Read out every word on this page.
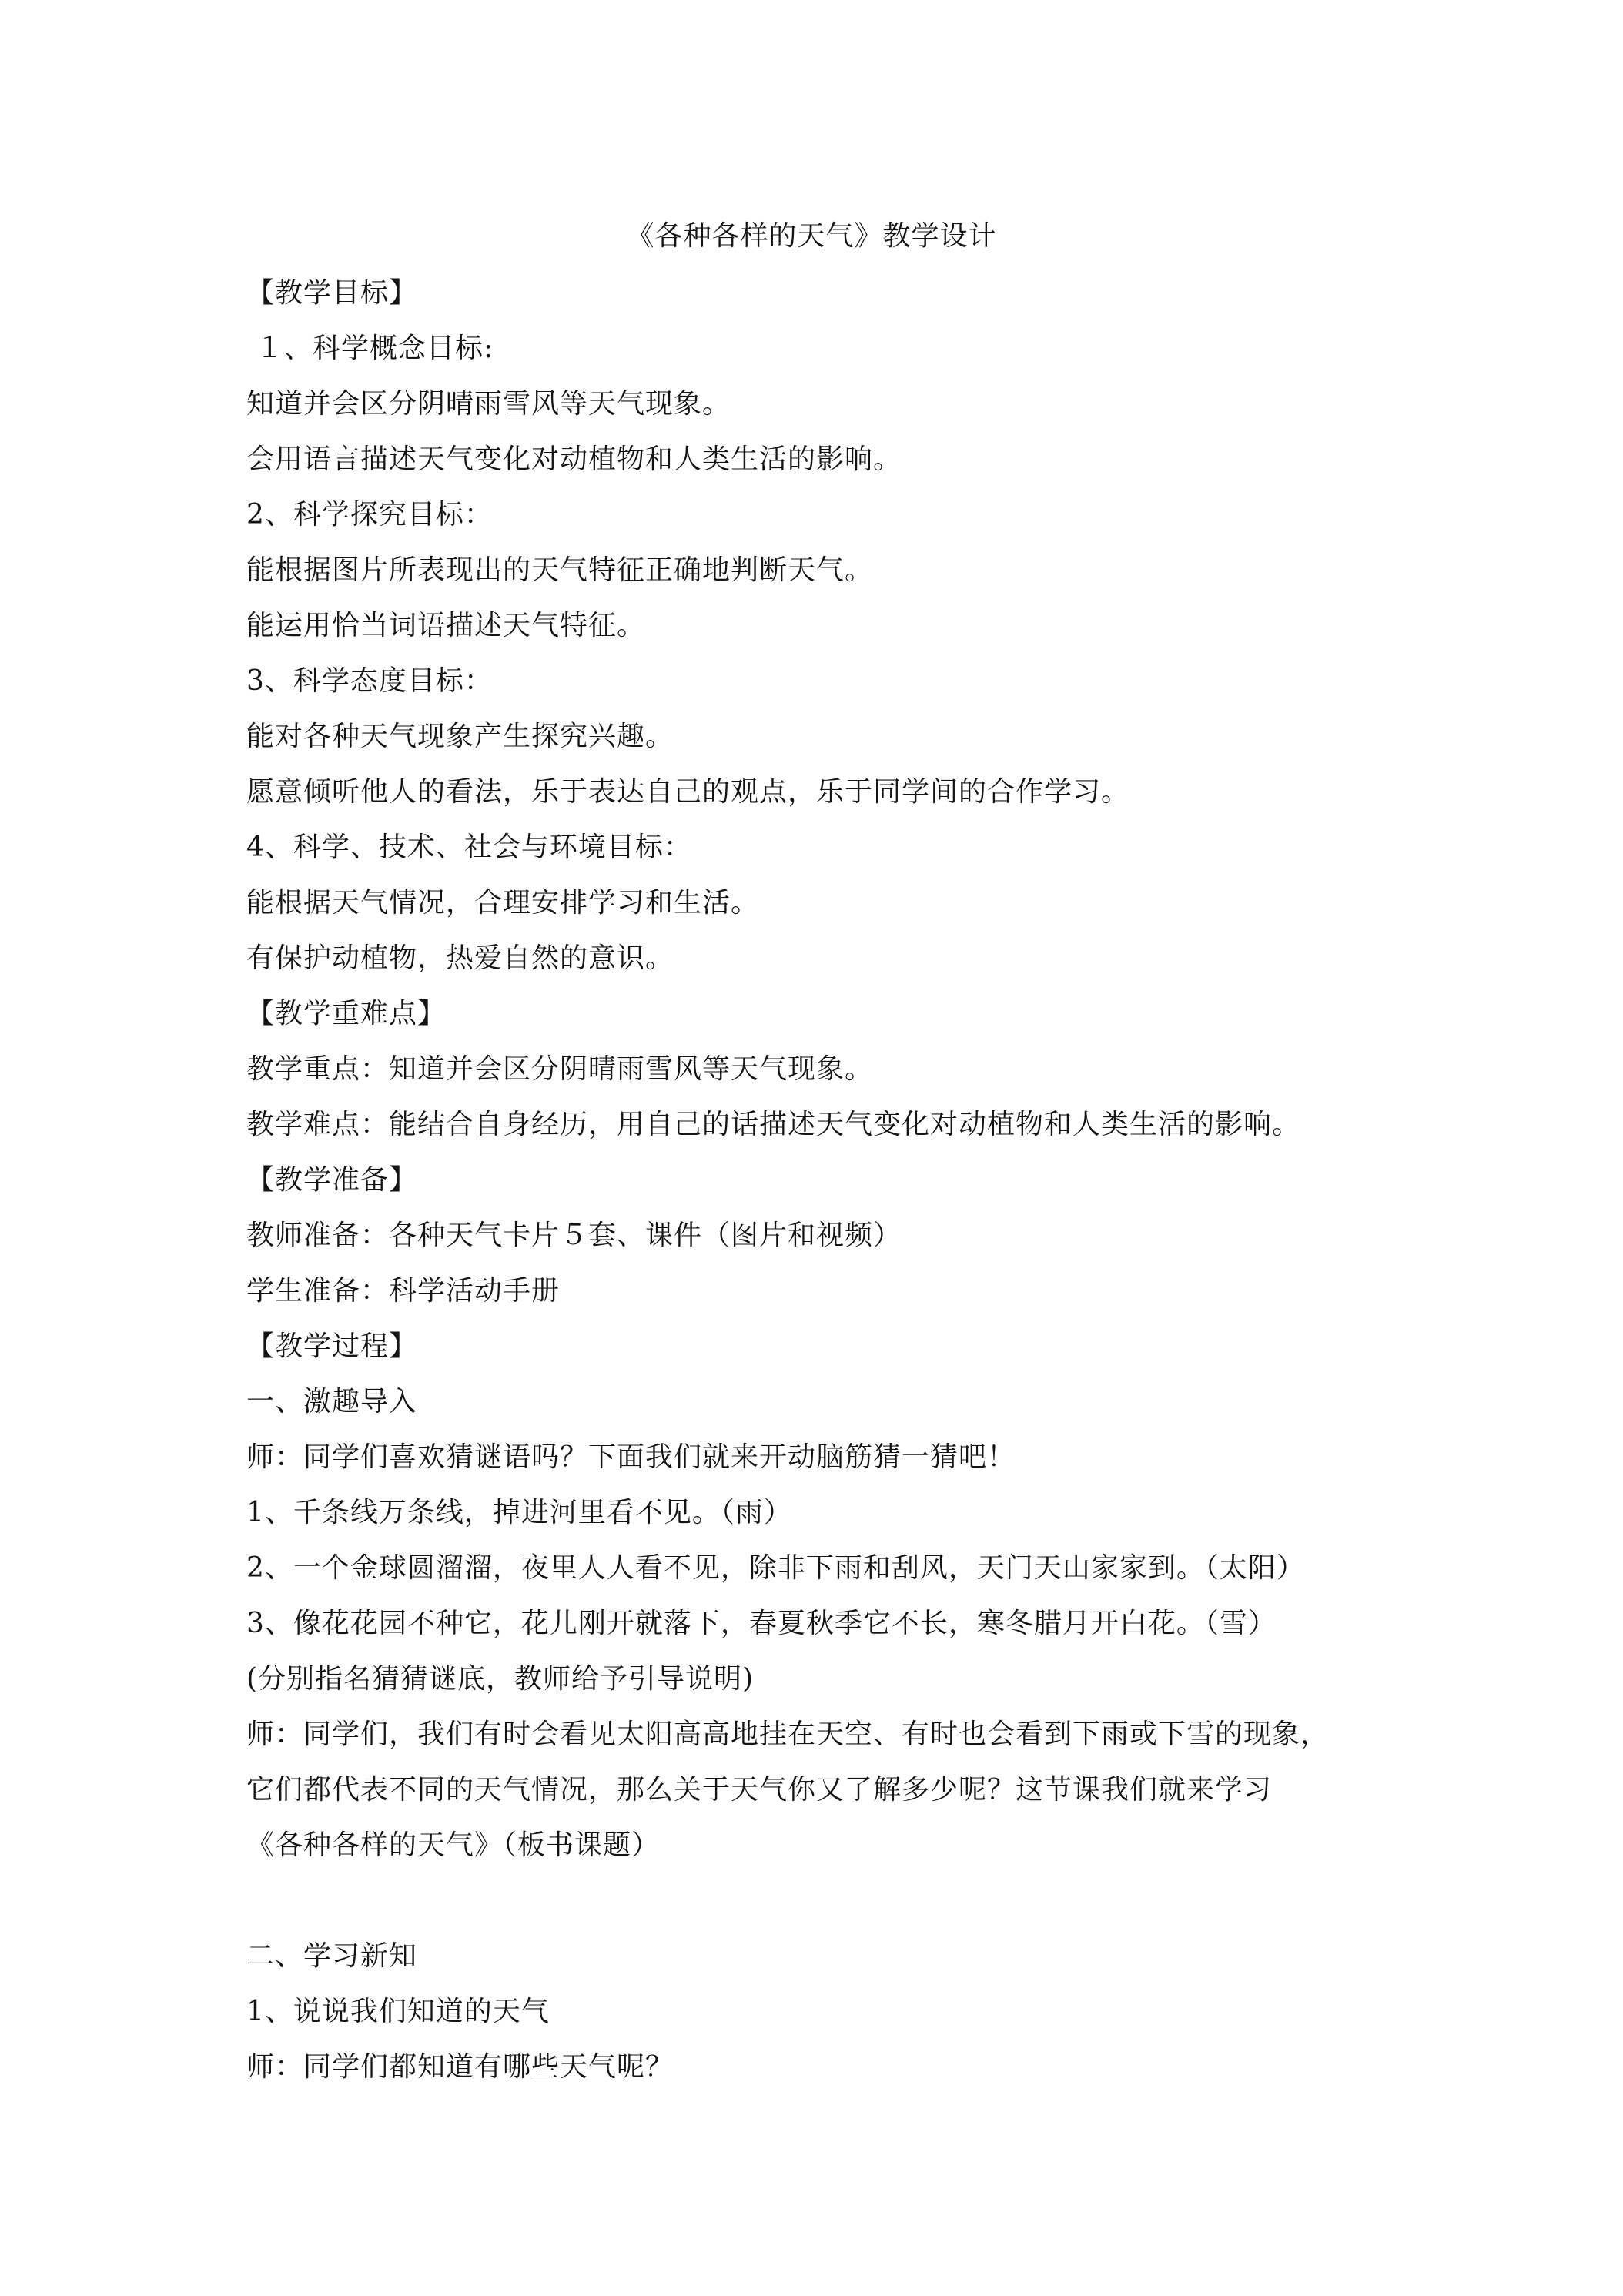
《各种各样的天气》教学设计
【教学目标】
１、科学概念目标:
知道并会区分阴晴雨雪风等天气现象。
会用语言描述天气变化对动植物和人类生活的影响。
2、科学探究目标：
能根据图片所表现出的天气特征正确地判断天气。
能运用恰当词语描述天气特征。
3、科学态度目标：
能对各种天气现象产生探究兴趣。
愿意倾听他人的看法，乐于表达自己的观点，乐于同学间的合作学习。
4、科学、技术、社会与环境目标：
能根据天气情况，合理安排学习和生活。
有保护动植物，热爱自然的意识。
【教学重难点】
教学重点：知道并会区分阴晴雨雪风等天气现象。
教学难点：能结合自身经历，用自己的话描述天气变化对动植物和人类生活的影响。
【教学准备】
教师准备：各种天气卡片５套、课件（图片和视频）
学生准备：科学活动手册
【教学过程】
一、激趣导入
师：同学们喜欢猜谜语吗？下面我们就来开动脑筋猜一猜吧！
1、千条线万条线，掉进河里看不见。（雨）
2、一个金球圆溜溜，夜里人人看不见，除非下雨和刮风，天门天山家家到。（太阳）
3、像花花园不种它，花儿刚开就落下，春夏秋季它不长，寒冬腊月开白花。（雪）
(分别指名猜猜谜底，教师给予引导说明)
师：同学们，我们有时会看见太阳高高地挂在天空、有时也会看到下雨或下雪的现象，
它们都代表不同的天气情况，那么关于天气你又了解多少呢？这节课我们就来学习
《各种各样的天气》（板书课题）
二、学习新知
1、说说我们知道的天气
师：同学们都知道有哪些天气呢？
